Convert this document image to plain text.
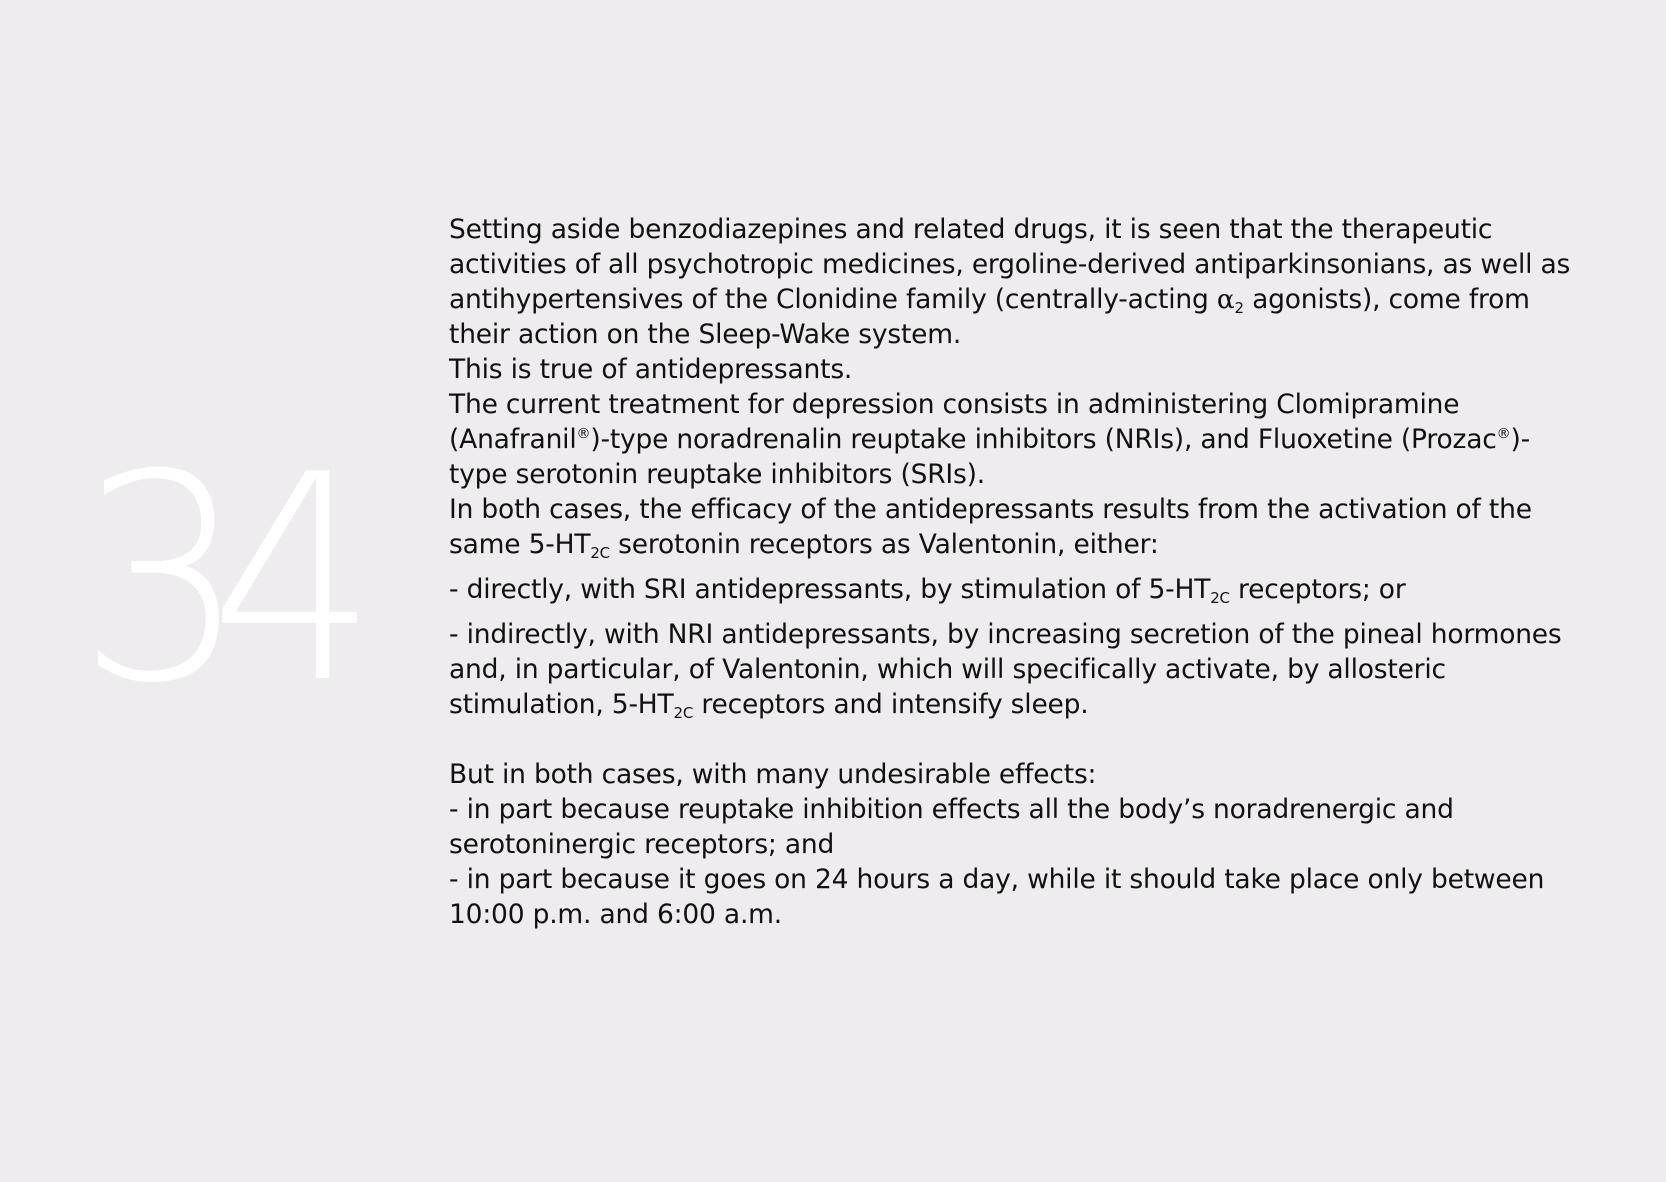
34

Setting aside benzodiazepines and related drugs, it is seen that the therapeutic activities of all psychotropic medicines, ergoline-derived antiparkinsonians, as well as antihypertensives of the Clonidine family (centrally-acting $\alpha_2$ agonists), come from their action on the Sleep-Wake system.

This is true of antidepressants.

The current treatment for depression consists in administering Clomipramine (Anafranil®)-type noradrenalin reuptake inhibitors (NRIs), and Fluoxetine (Prozac®)-type serotonin reuptake inhibitors (SRIs).

In both cases, the efficacy of the antidepressants results from the activation of the same $5-HT_{2C}$ serotonin receptors as Valentonin, either:

- directly, with SRI antidepressants, by stimulation of $5-HT_{2C}$ receptors; or

- indirectly, with NRI antidepressants, by increasing secretion of the pineal hormones and, in particular, of Valentonin, which will specifically activate, by allosteric stimulation, $5-HT_{2C}$ receptors and intensify sleep.

But in both cases, with many undesirable effects:

- in part because reuptake inhibition effects all the body’s noradrenergic and serotoninergic receptors; and

- in part because it goes on 24 hours a day, while it should take place only between 10:00 p.m. and 6:00 a.m.
